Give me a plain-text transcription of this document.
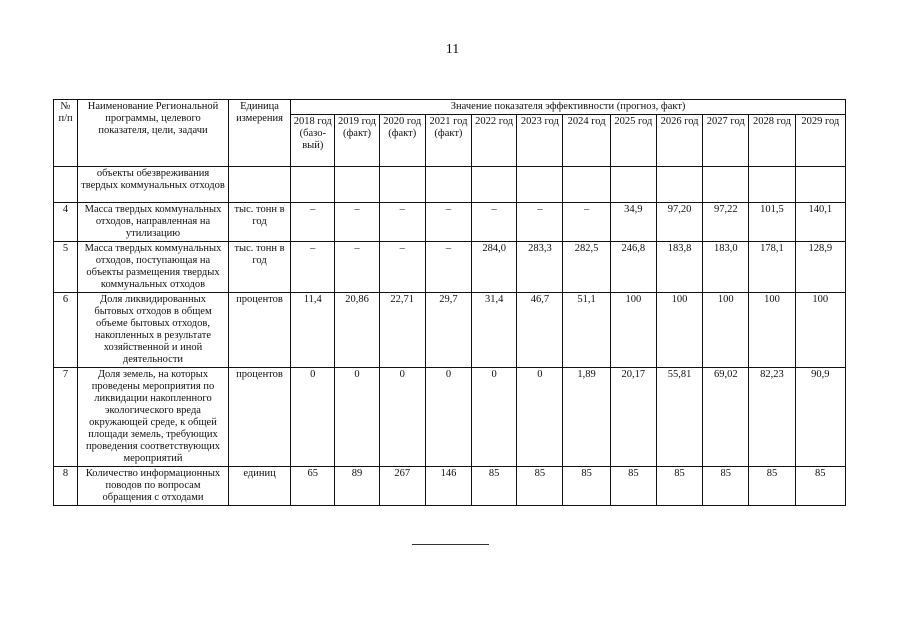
11
№ п/п	Наименование Региональной программы, целевого показателя, цели, задачи	Единица измерения	Значение показателя эффективности (прогноз, факт)											
			2018 год (базо-вый)	2019 год (факт)	2020 год (факт)	2021 год (факт)	2022 год	2023 год	2024 год	2025 год	2026 год	2027 год	2028 год	2029 год
	объекты обезвреживания твердых коммунальных отходов													
4	Масса твердых коммунальных отходов, направленная на утилизацию	тыс. тонн в год	–	–	–	–	–	–	–	34,9	97,20	97,22	101,5	140,1
5	Масса твердых коммунальных отходов, поступающая на объекты размещения твердых коммунальных отходов	тыс. тонн в год	–	–	–	–	284,0	283,3	282,5	246,8	183,8	183,0	178,1	128,9
6	Доля ликвидированных бытовых отходов в общем объеме бытовых отходов, накопленных в результате хозяйственной и иной деятельности	процентов	11,4	20,86	22,71	29,7	31,4	46,7	51,1	100	100	100	100	100
7	Доля земель, на которых проведены мероприятия по ликвидации накопленного экологического вреда окружающей среде, к общей площади земель, требующих проведения соответствующих мероприятий	процентов	0	0	0	0	0	0	1,89	20,17	55,81	69,02	82,23	90,9
8	Количество информационных поводов по вопросам обращения с отходами	единиц	65	89	267	146	85	85	85	85	85	85	85	85
